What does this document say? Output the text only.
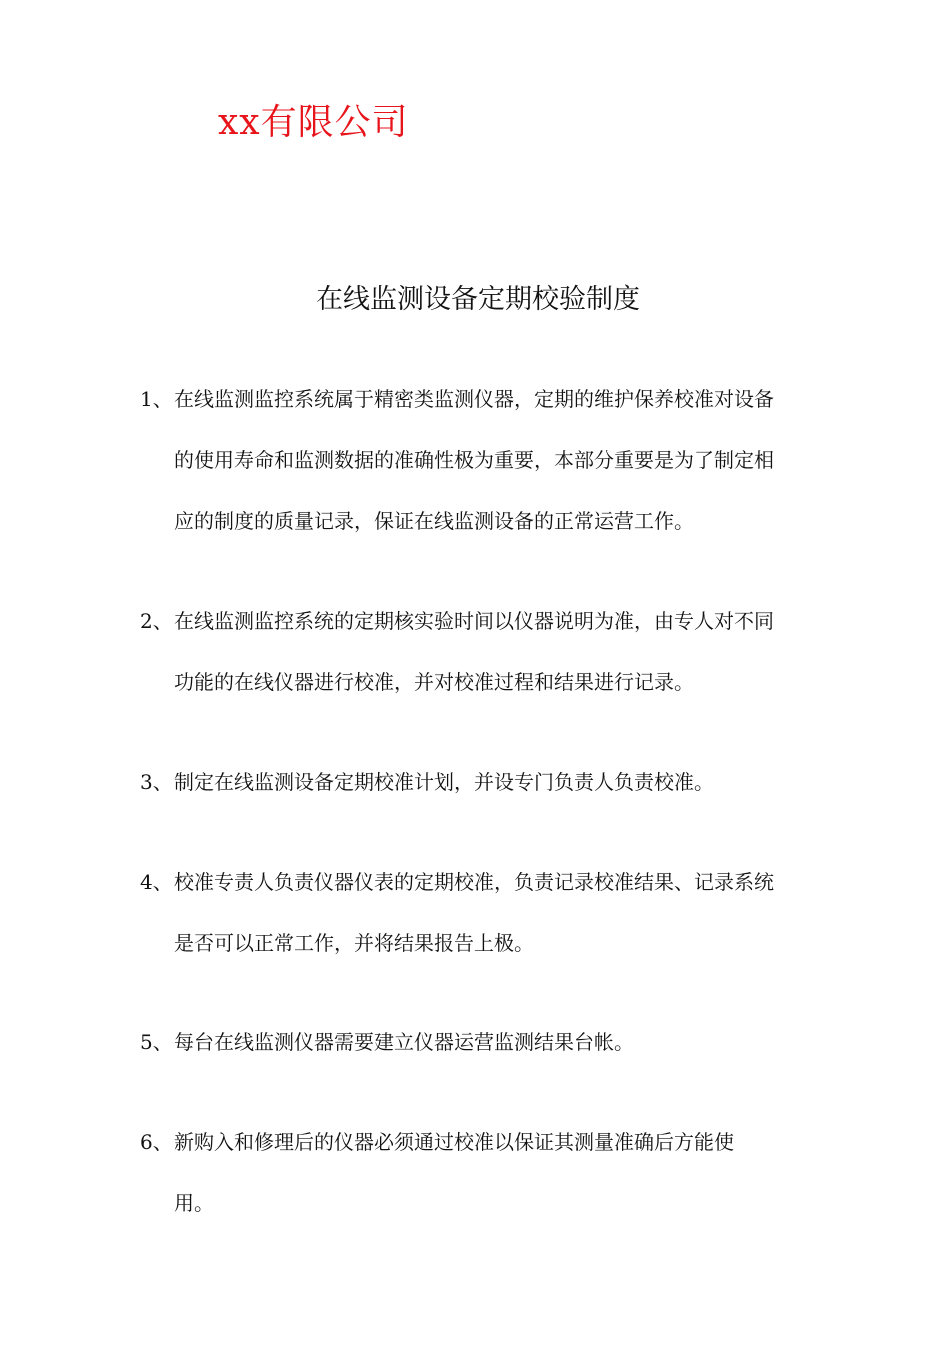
xx有限公司
在线监测设备定期校验制度
1、 在线监测监控系统属于精密类监测仪器，定期的维护保养校准对设备
的使用寿命和监测数据的准确性极为重要，本部分重要是为了制定相
应的制度的质量记录，保证在线监测设备的正常运营工作。
2、 在线监测监控系统的定期核实验时间以仪器说明为准，由专人对不同
功能的在线仪器进行校准，并对校准过程和结果进行记录。
3、 制定在线监测设备定期校准计划，并设专门负责人负责校准。
4、 校准专责人负责仪器仪表的定期校准，负责记录校准结果、记录系统
是否可以正常工作，并将结果报告上极。
5、 每台在线监测仪器需要建立仪器运营监测结果台帐。
6、 新购入和修理后的仪器必须通过校准以保证其测量准确后方能使
用。
